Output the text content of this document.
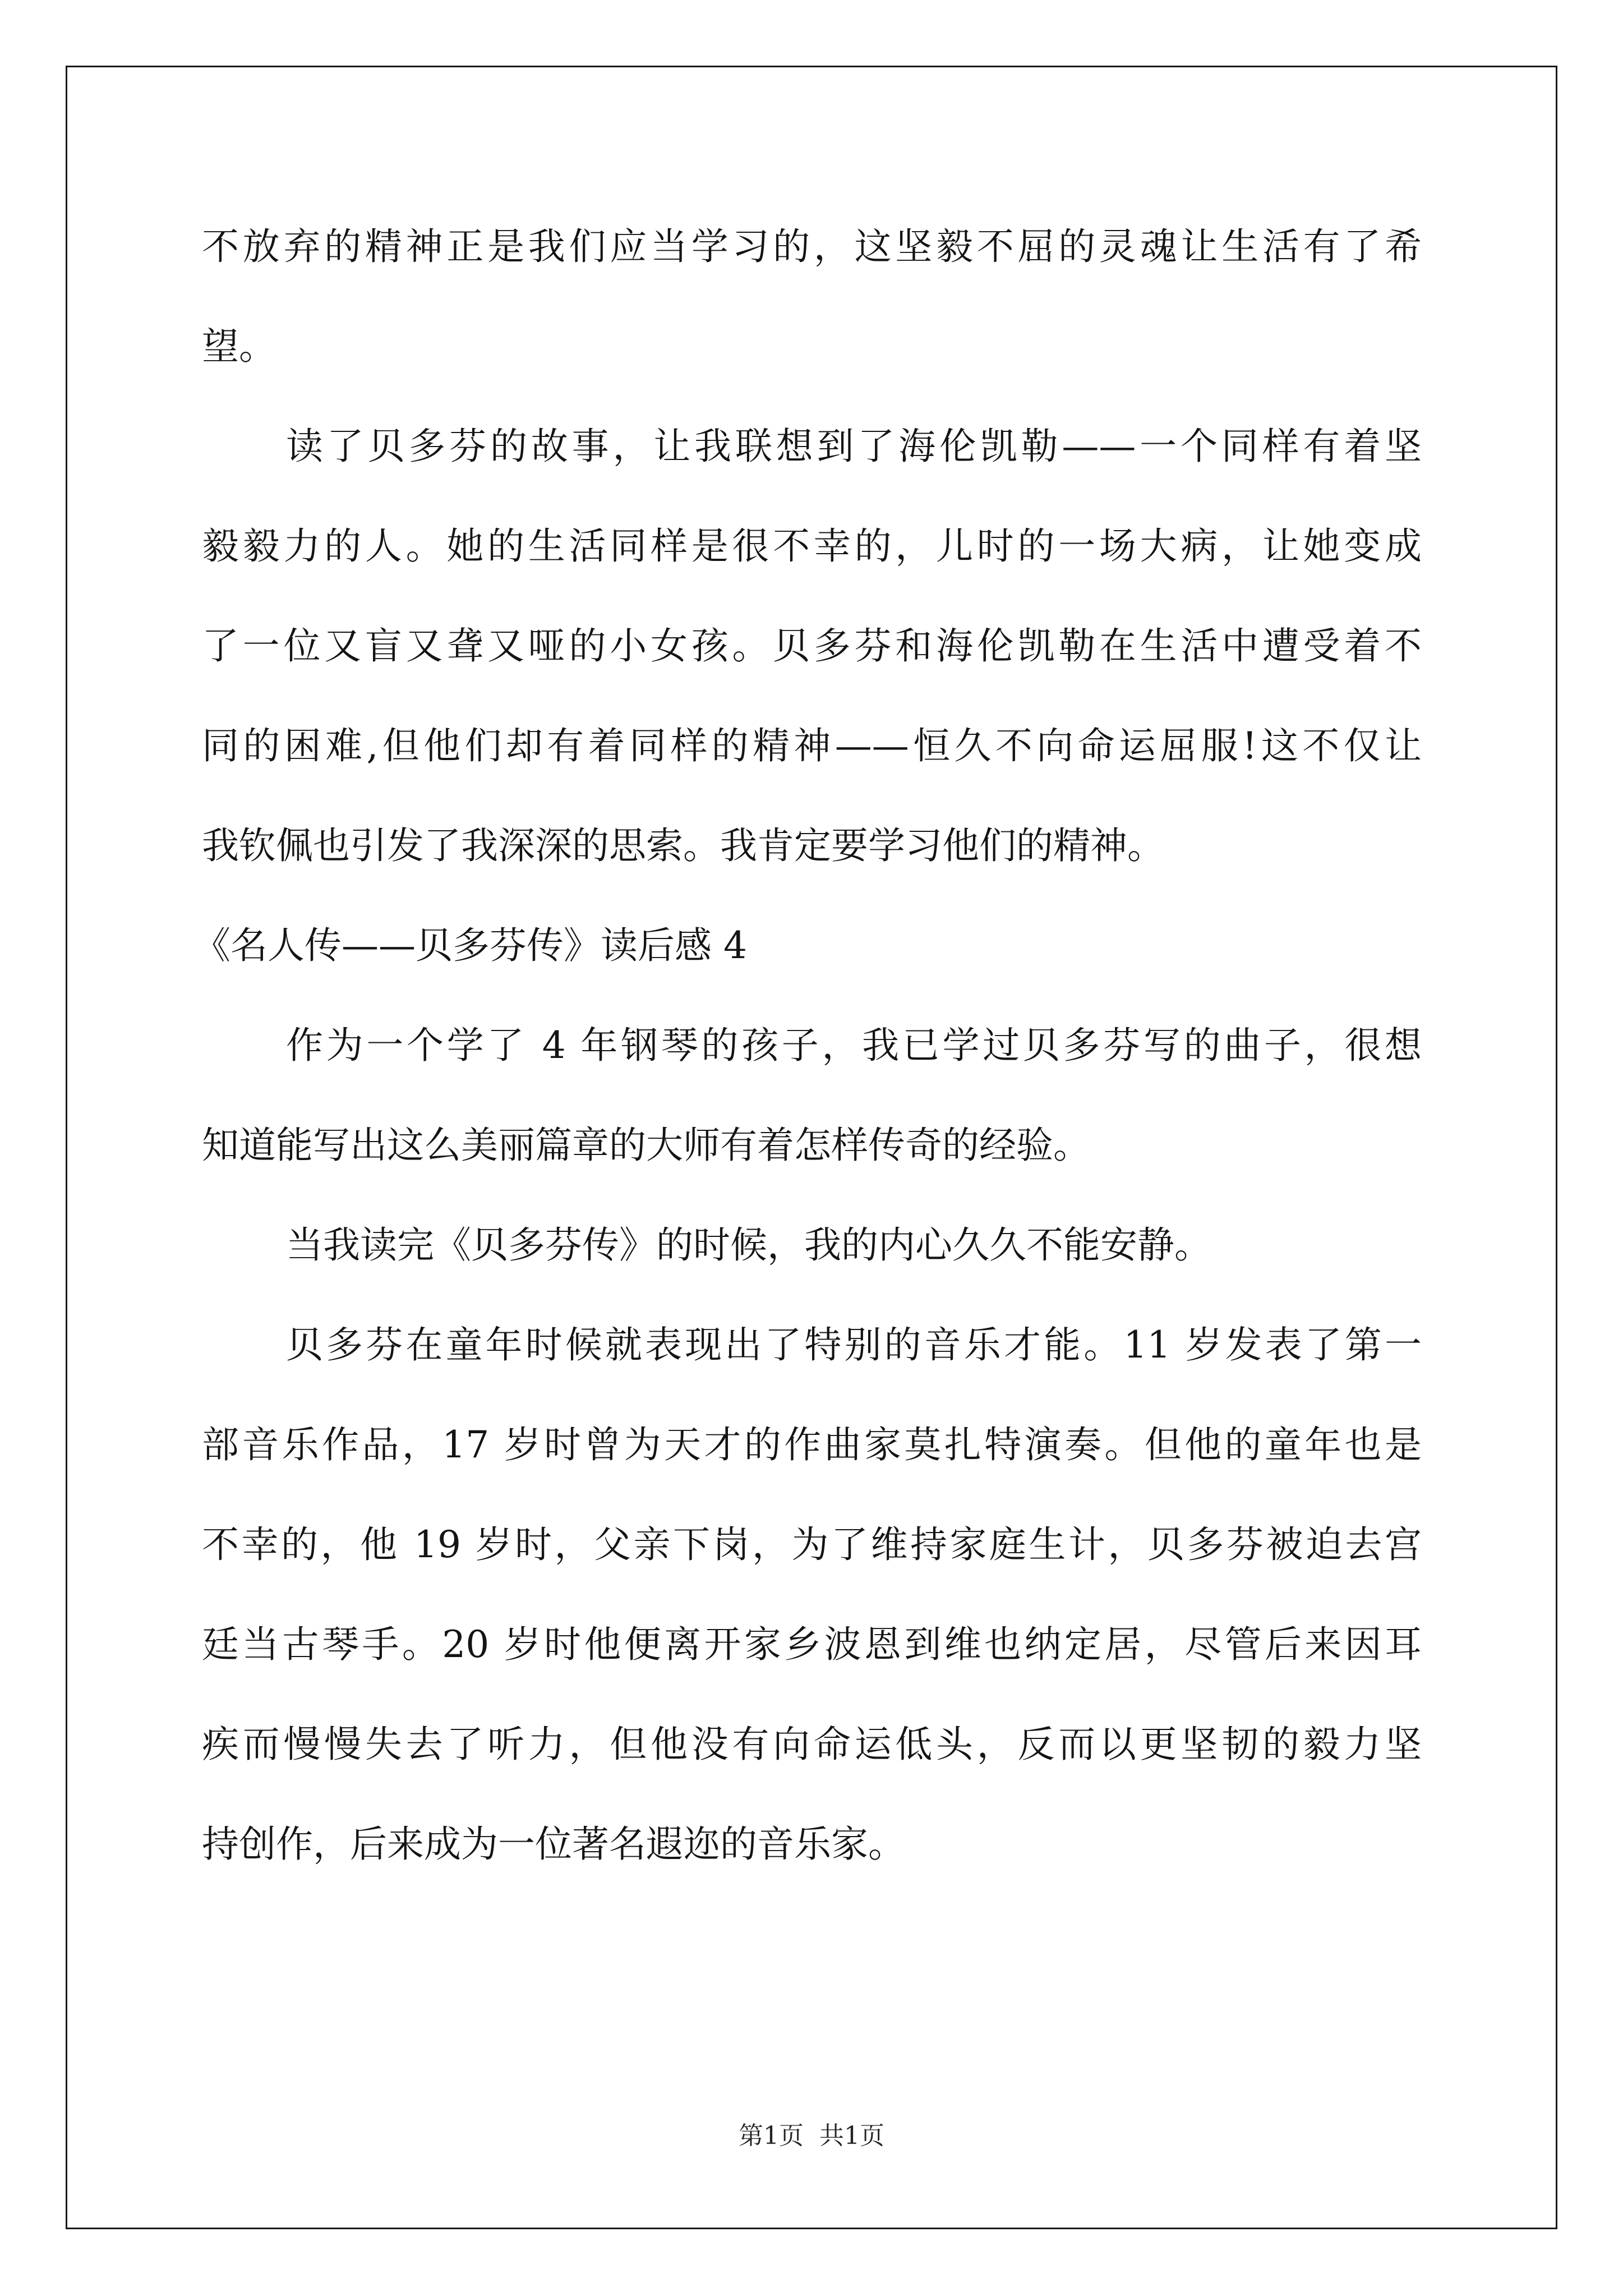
不放弃的精神正是我们应当学习的，这坚毅不屈的灵魂让生活有了希
望。
读了贝多芬的故事，让我联想到了海伦凯勒——一个同样有着坚
毅毅力的人。她的生活同样是很不幸的，儿时的一场大病，让她变成
了一位又盲又聋又哑的小女孩。贝多芬和海伦凯勒在生活中遭受着不
同的困难,但他们却有着同样的精神——恒久不向命运屈服!这不仅让
我钦佩也引发了我深深的思索。我肯定要学习他们的精神。
《名人传——贝多芬传》读后感 4
作为一个学了 4 年钢琴的孩子，我已学过贝多芬写的曲子，很想
知道能写出这么美丽篇章的大师有着怎样传奇的经验。
当我读完《贝多芬传》的时候，我的内心久久不能安静。
贝多芬在童年时候就表现出了特别的音乐才能。11 岁发表了第一
部音乐作品，17 岁时曾为天才的作曲家莫扎特演奏。但他的童年也是
不幸的，他 19 岁时，父亲下岗，为了维持家庭生计，贝多芬被迫去宫
廷当古琴手。20 岁时他便离开家乡波恩到维也纳定居，尽管后来因耳
疾而慢慢失去了听力，但他没有向命运低头，反而以更坚韧的毅力坚
持创作，后来成为一位著名遐迩的音乐家。
第1页 共1页
